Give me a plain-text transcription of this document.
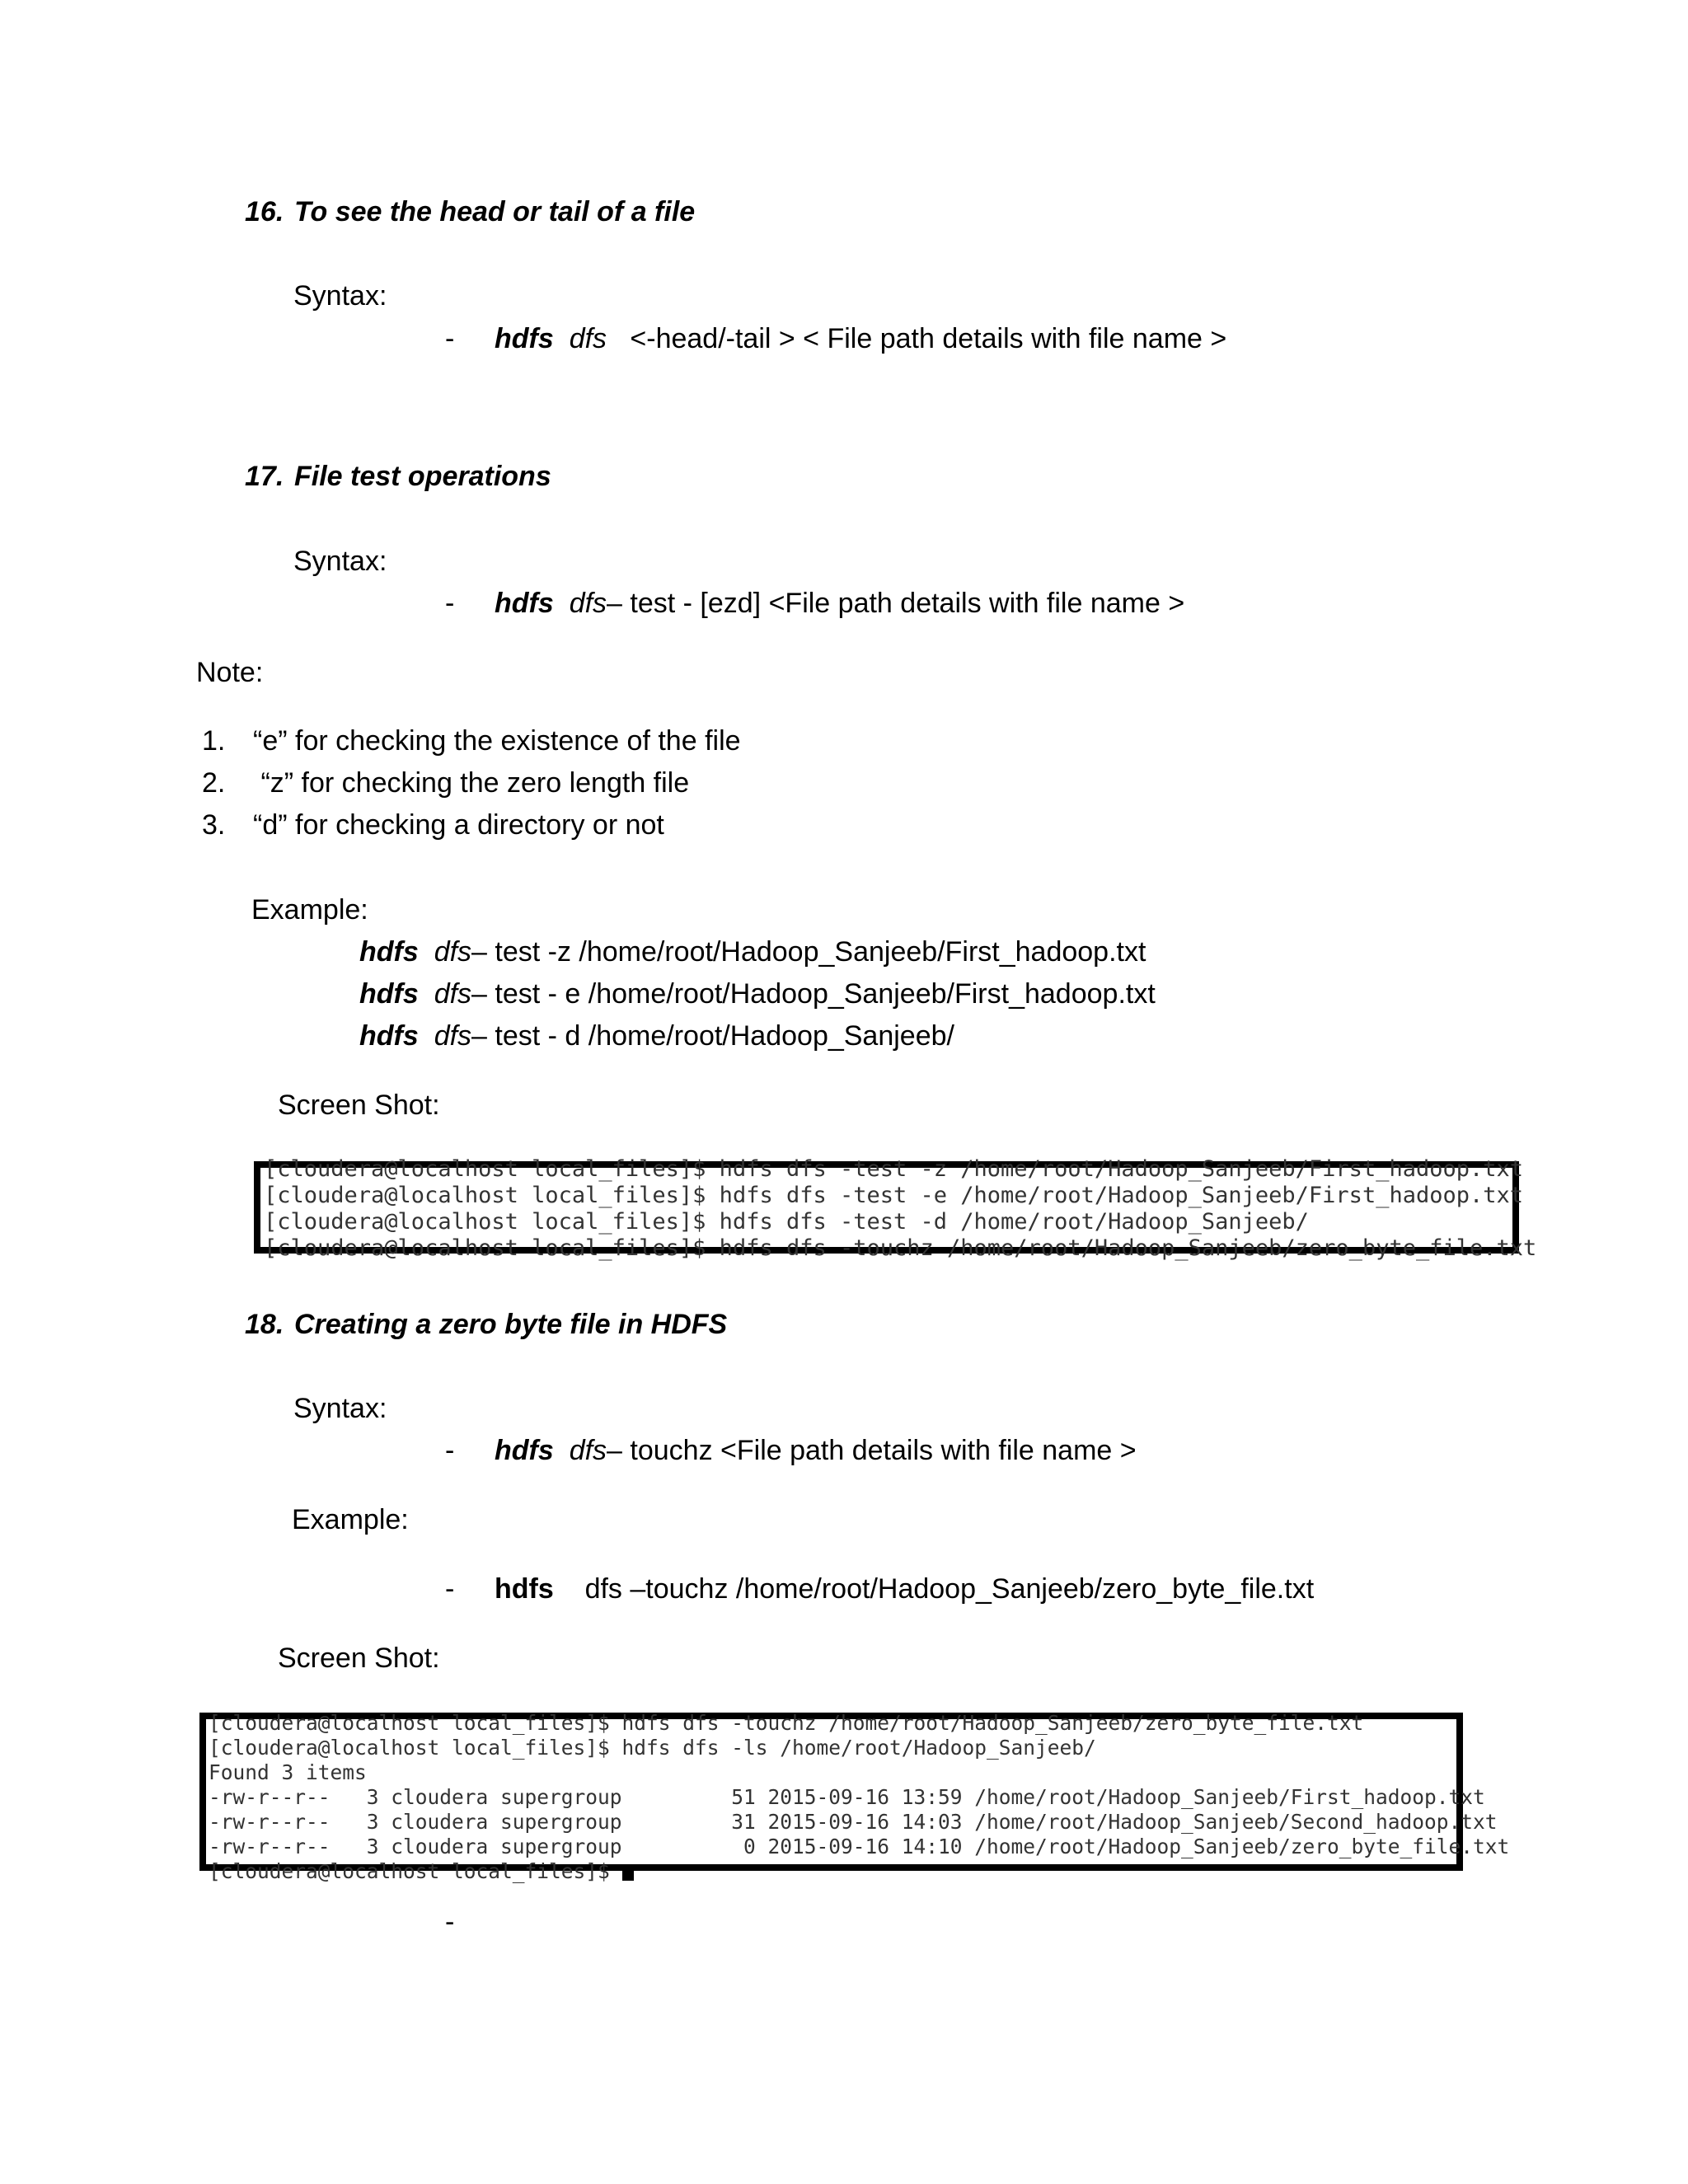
16. To see the head or tail of a file
Syntax:
- hdfs dfs <-head/-tail > < File path details with file name >
17. File test operations
Syntax:
- hdfs dfs– test - [ezd] <File path details with file name >
Note:
1. “e” for checking the existence of the file
2. “z” for checking the zero length file
3. “d” for checking a directory or not
Example:
hdfs dfs– test -z /home/root/Hadoop_Sanjeeb/First_hadoop.txt
hdfs dfs– test - e /home/root/Hadoop_Sanjeeb/First_hadoop.txt
hdfs dfs– test - d /home/root/Hadoop_Sanjeeb/
Screen Shot:
[cloudera@localhost local_files]$ hdfs dfs -test -z /home/root/Hadoop_Sanjeeb/First_hadoop.txt
[cloudera@localhost local_files]$ hdfs dfs -test -e /home/root/Hadoop_Sanjeeb/First_hadoop.txt
[cloudera@localhost local_files]$ hdfs dfs -test -d /home/root/Hadoop_Sanjeeb/
[cloudera@localhost local_files]$ hdfs dfs -touchz /home/root/Hadoop_Sanjeeb/zero_byte_file.txt
18. Creating a zero byte file in HDFS
Syntax:
- hdfs dfs– touchz <File path details with file name >
Example:
- hdfs dfs –touchz /home/root/Hadoop_Sanjeeb/zero_byte_file.txt
Screen Shot:
[cloudera@localhost local_files]$ hdfs dfs -touchz /home/root/Hadoop_Sanjeeb/zero_byte_file.txt
[cloudera@localhost local_files]$ hdfs dfs -ls /home/root/Hadoop_Sanjeeb/
Found 3 items
-rw-r--r--   3 cloudera supergroup         51 2015-09-16 13:59 /home/root/Hadoop_Sanjeeb/First_hadoop.txt
-rw-r--r--   3 cloudera supergroup         31 2015-09-16 14:03 /home/root/Hadoop_Sanjeeb/Second_hadoop.txt
-rw-r--r--   3 cloudera supergroup          0 2015-09-16 14:10 /home/root/Hadoop_Sanjeeb/zero_byte_file.txt
[cloudera@localhost local_files]$
-
